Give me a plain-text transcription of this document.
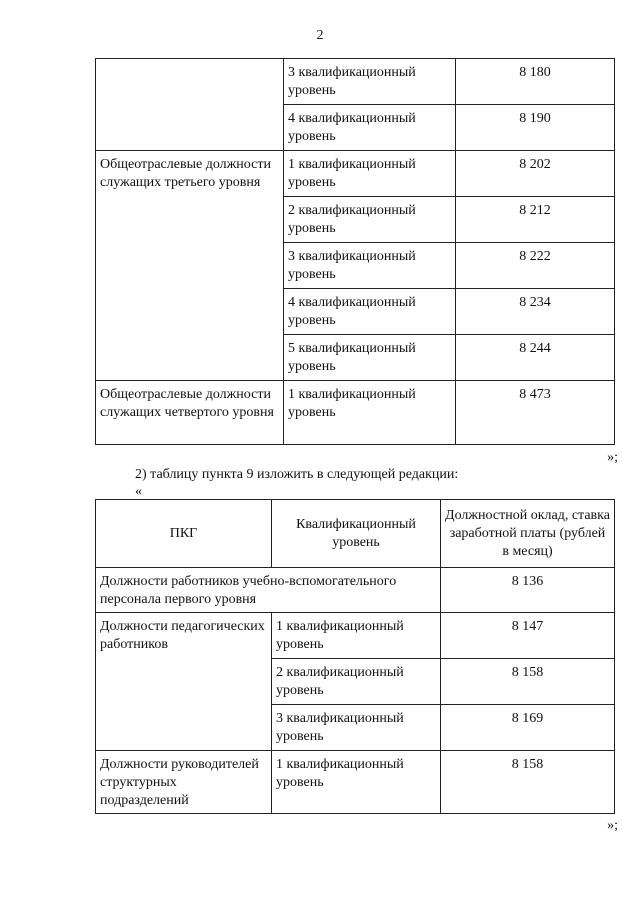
2
	3 квалификационный уровень	8 180
	4 квалификационный уровень	8 190
Общеотраслевые должности служащих третьего уровня	1 квалификационный уровень	8 202
	2 квалификационный уровень	8 212
	3 квалификационный уровень	8 222
	4 квалификационный уровень	8 234
	5 квалификационный уровень	8 244
Общеотраслевые должности служащих четвертого уровня	1 квалификационный уровень	8 473
»;
2) таблицу пункта 9 изложить в следующей редакции:
«
ПКГ	Квалификационный уровень	Должностной оклад, ставка заработной платы (рублей в месяц)
Должности работников учебно-вспомогательного персонала первого уровня		8 136
Должности педагогических работников	1 квалификационный уровень	8 147
	2 квалификационный уровень	8 158
	3 квалификационный уровень	8 169
Должности руководителей структурных подразделений	1 квалификационный уровень	8 158
»;
